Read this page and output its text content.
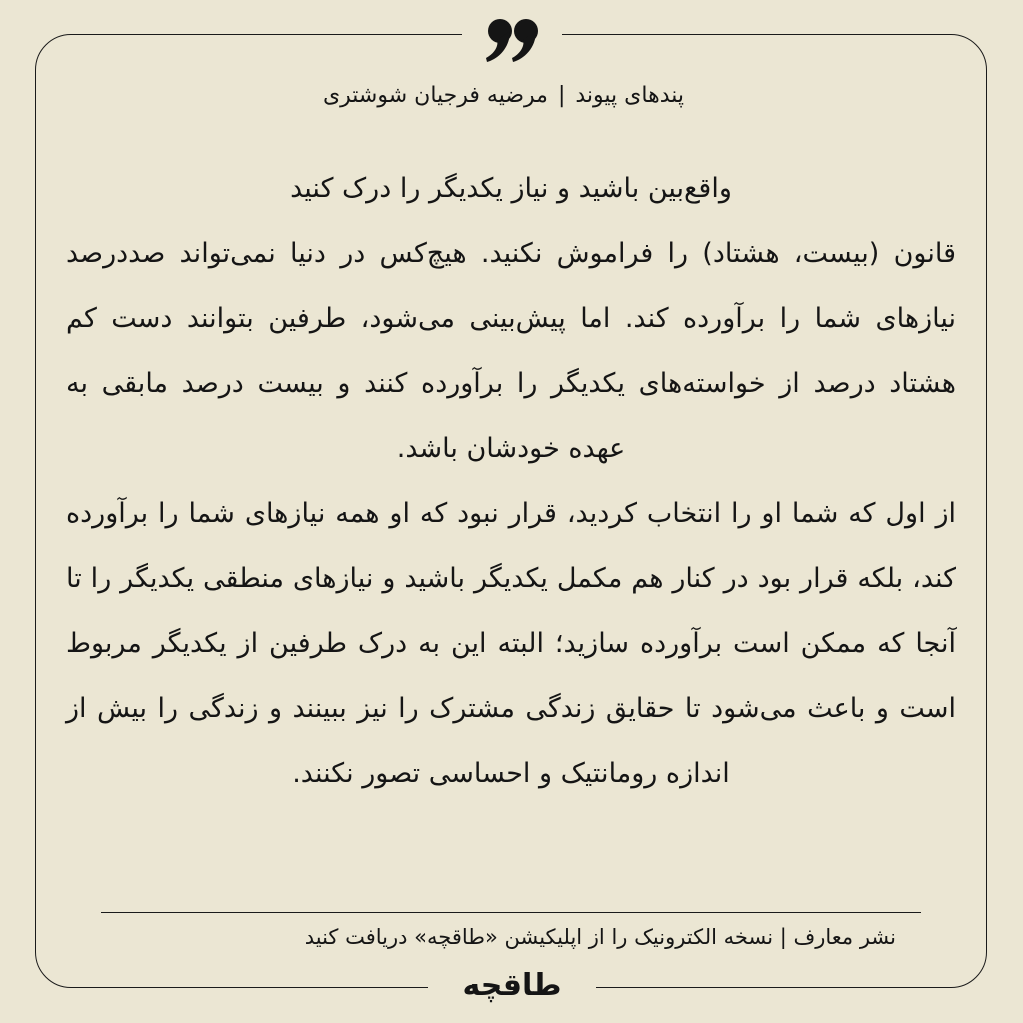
پندهای پیوند|مرضیه فرجیان شوشتری

واقع‌بین باشید و نیاز یکدیگر را درک کنید

قانون (بیست، هشتاد) را فراموش نکنید. هیچ‌کس در دنیا نمی‌تواند صددرصد نیازهای شما را برآورده کند. اما پیش‌بینی می‌شود، طرفین بتوانند دست کم هشتاد درصد از خواسته‌های یکدیگر را برآورده کنند و بیست درصد مابقی به عهده خودشان باشد.

از اول که شما او را انتخاب کردید، قرار نبود که او همه نیازهای شما را برآورده کند، بلکه قرار بود در کنار هم مکمل یکدیگر باشید و نیازهای منطقی یکدیگر را تا آنجا که ممکن است برآورده سازید؛ البته این به درک طرفین از یکدیگر مربوط است و باعث می‌شود تا حقایق زندگی مشترک را نیز ببینند و زندگی را بیش از اندازه رومانتیک و احساسی تصور نکنند.

نشر معارف | نسخه الکترونیک را از اپلیکیشن «طاقچه» دریافت کنید
طاقچه
